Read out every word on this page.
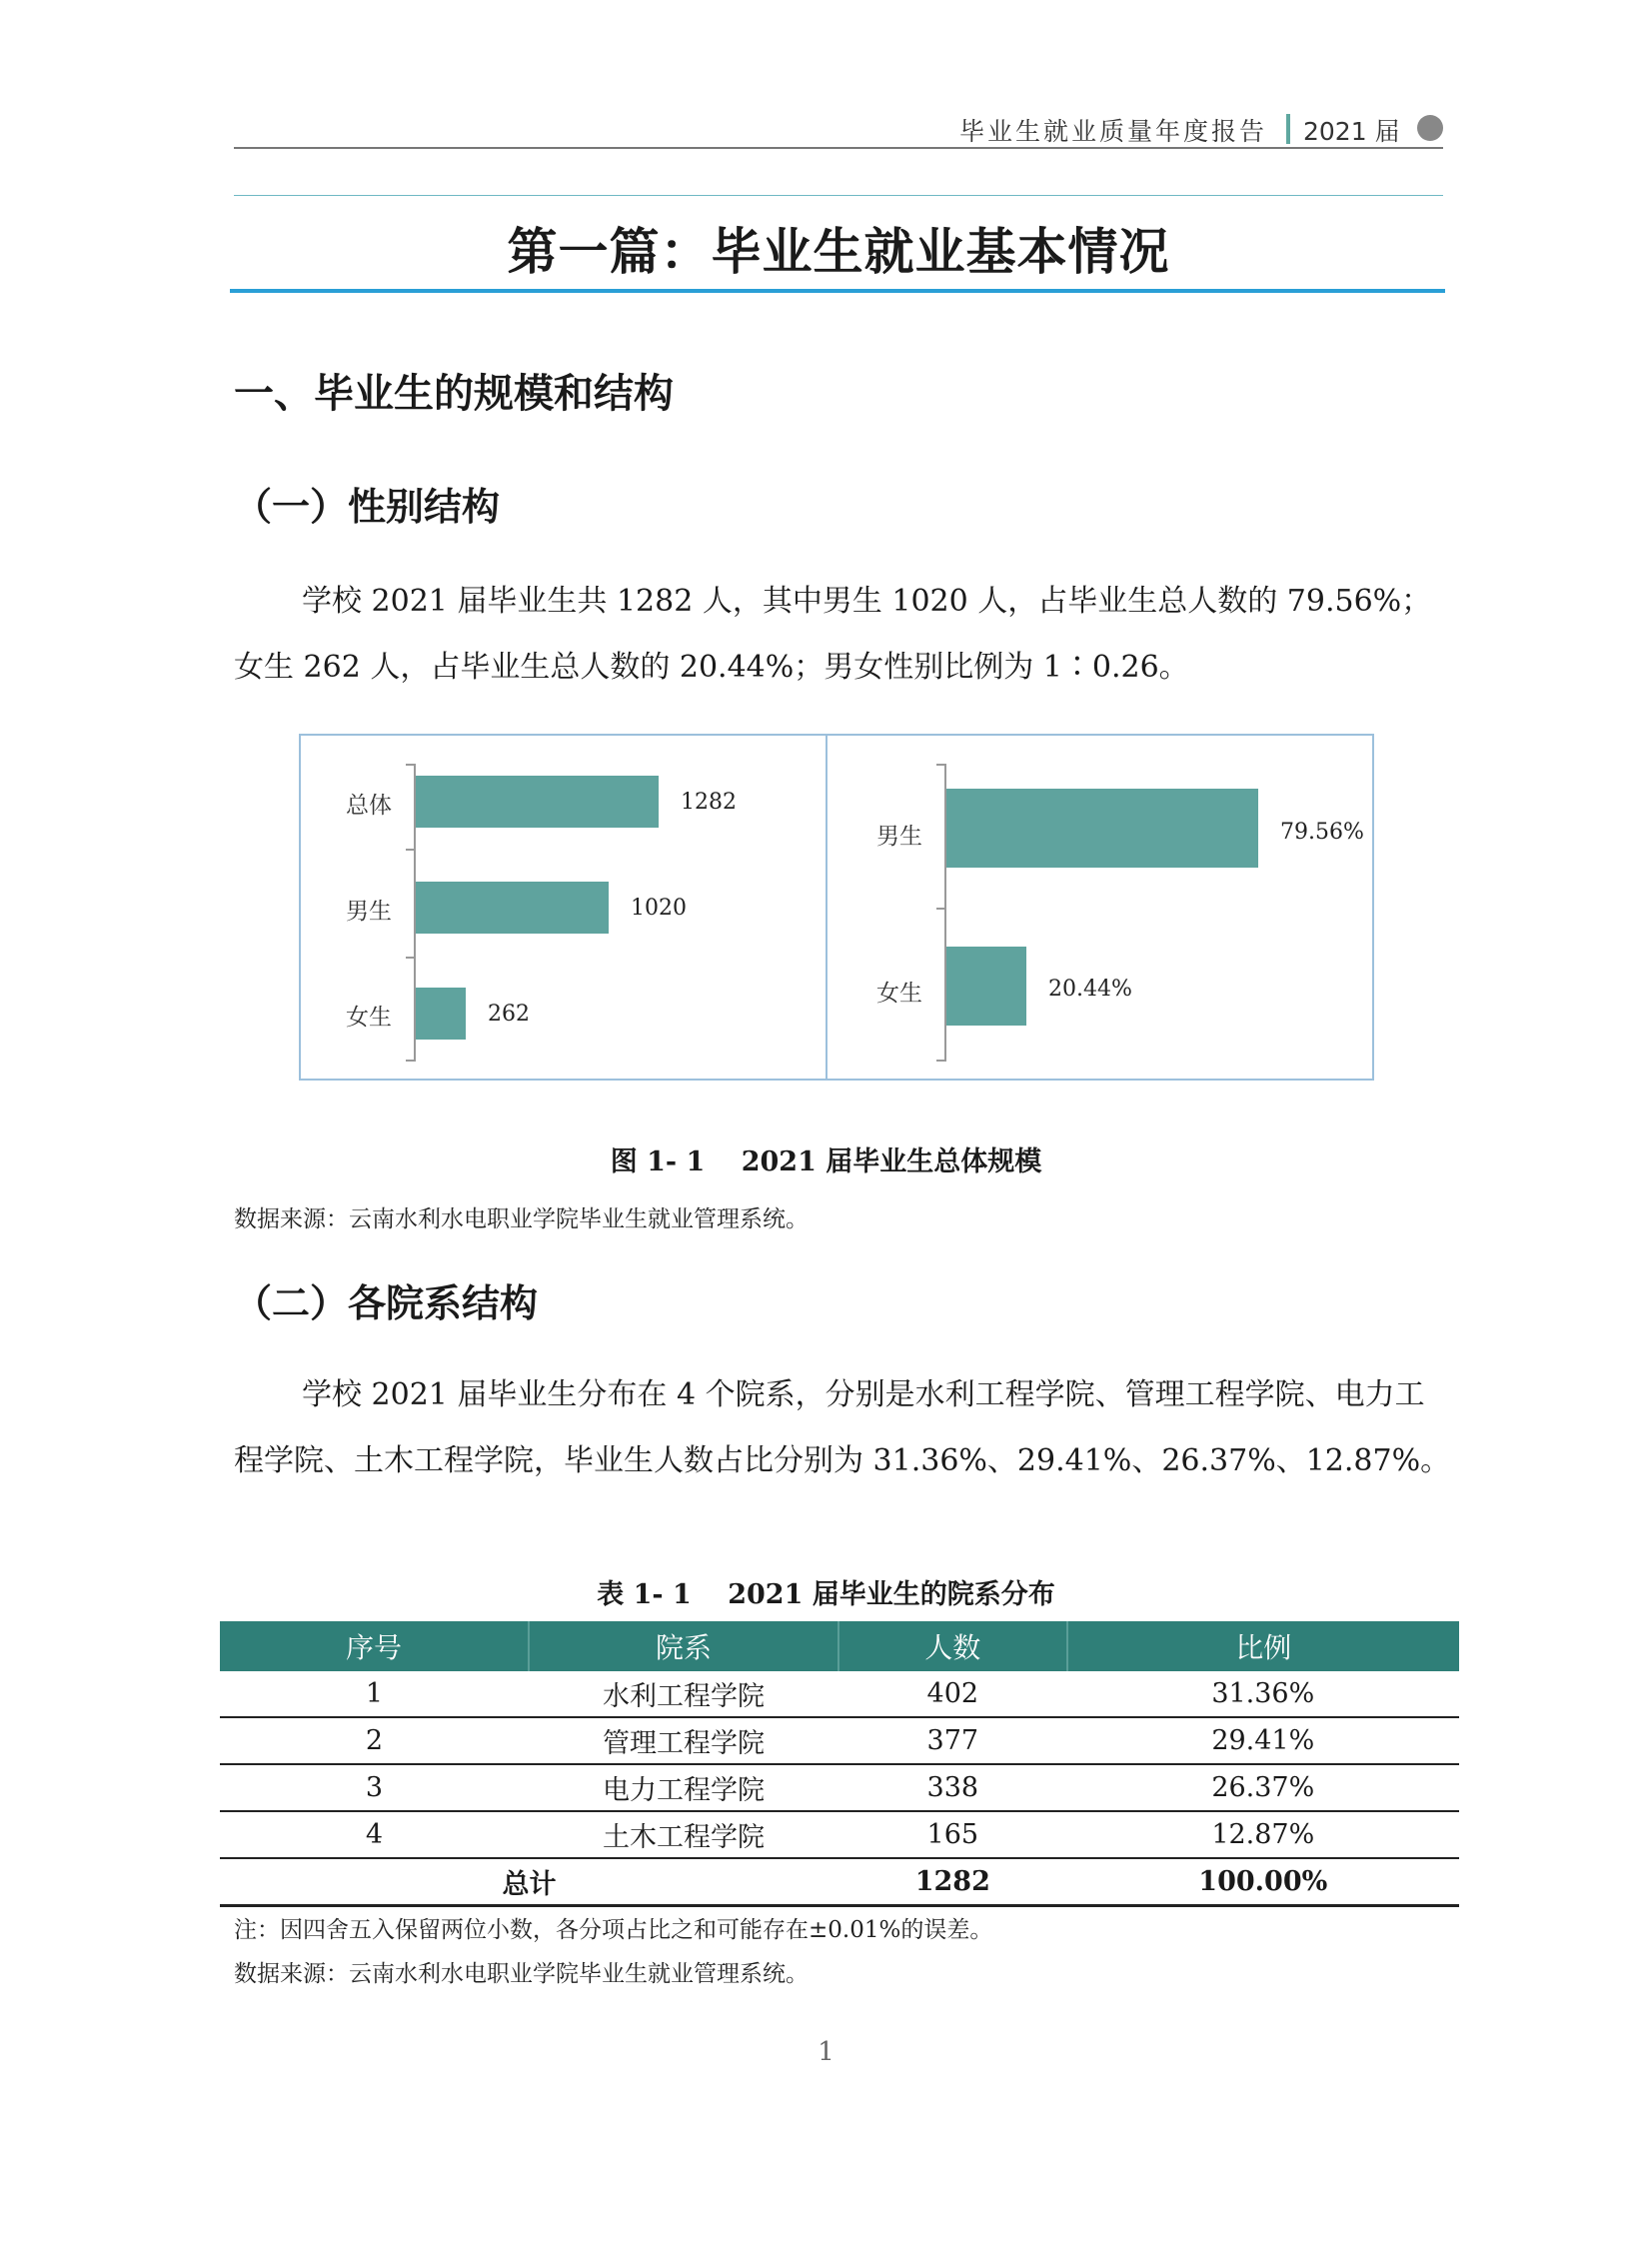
毕业生就业质量年度报告 2021 届
第一篇：毕业生就业基本情况
一、毕业生的规模和结构
（一）性别结构
学校 2021 届毕业生共 1282 人，其中男生 1020 人，占毕业生总人数的 79.56%；女生 262 人，占毕业生总人数的 20.44%；男女性别比例为 1∶0.26。
总体	1282
男生	1020
女生	262
男生	79.56%
女生	20.44%
图 1- 1　 2021 届毕业生总体规模
数据来源：云南水利水电职业学院毕业生就业管理系统。
（二）各院系结构
学校 2021 届毕业生分布在 4 个院系，分别是水利工程学院、管理工程学院、电力工程学院、土木工程学院，毕业生人数占比分别为 31.36%、29.41%、26.37%、12.87%。
表 1- 1　 2021 届毕业生的院系分布
序号	院系	人数	比例
1	水利工程学院	402	31.36%
2	管理工程学院	377	29.41%
3	电力工程学院	338	26.37%
4	土木工程学院	165	12.87%
总计		1282	100.00%
注：因四舍五入保留两位小数，各分项占比之和可能存在±0.01%的误差。
数据来源：云南水利水电职业学院毕业生就业管理系统。
1
